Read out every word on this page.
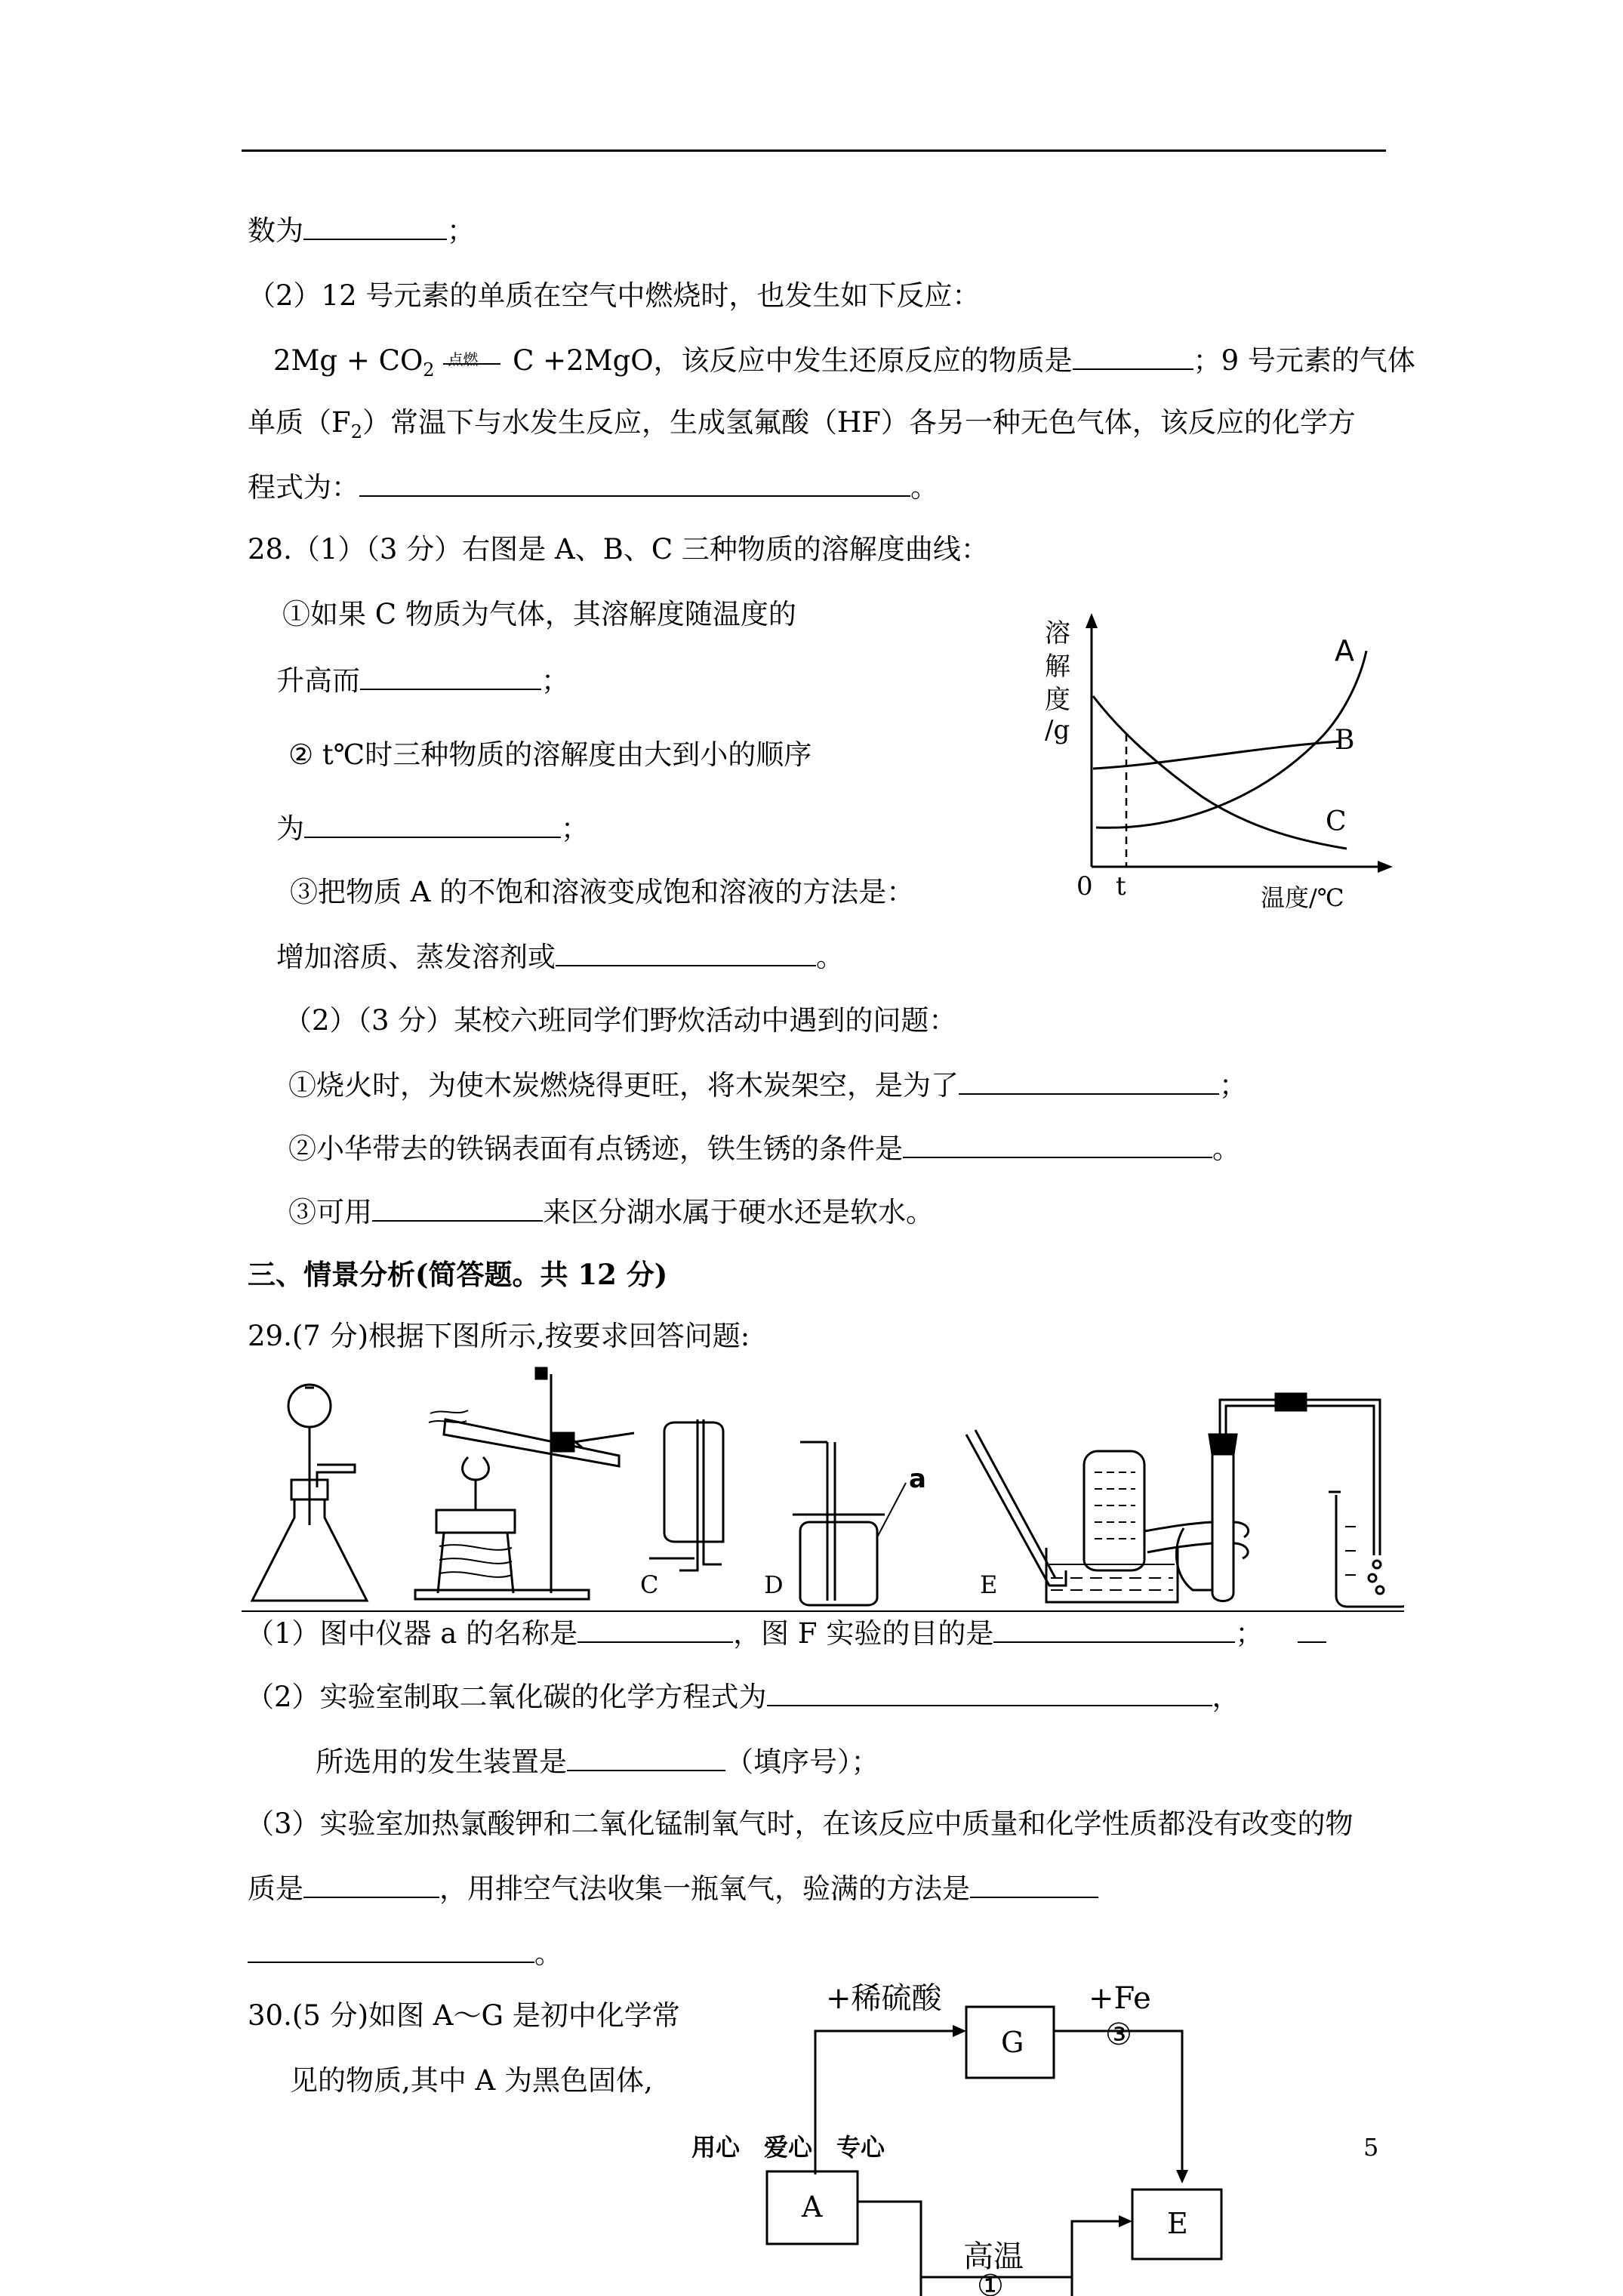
数为	；
（2）12 号元素的单质在空气中燃烧时，也发生如下反应：
$2Mg + CO_2$
点燃 C +2MgO，该反应中发生还原反应的物质是	；9 号元素的气体
单质$(F_2)$常温下与水发生反应，生成氢氟酸（HF）各另一种无色气体，该反应的化学方
程式为：	。
28.（1）（3 分）右图是 A、B、C 三种物质的溶解度曲线：
①如果 C 物质为气体，其溶解度随温度的
升高而	；
② t℃时三种物质的溶解度由大到小的顺序
为	；
③把物质 A 的不饱和溶液变成饱和溶液的方法是：
增加溶质、蒸发溶剂或	。
（2）（3 分）某校六班同学们野炊活动中遇到的问题：
①烧火时，为使木炭燃烧得更旺，将木炭架空，是为了	；
②小华带去的铁锅表面有点锈迹，铁生锈的条件是	。
③可用	来区分湖水属于硬水还是软水。
溶解度/g
A
B
C
0 t	温度/℃
三、情景分析(简答题。共 12 分)
29.(7 分)根据下图所示,按要求回答问题:
C
a
D	E
（1）图中仪器 a 的名称是	，图 F 实验的目的是	；
（2）实验室制取二氧化碳的化学方程式为	，
所选用的发生装置是	（填序号）；
（3）实验室加热氯酸钾和二氧化锰制氧气时，在该反应中质量和化学性质都没有改变的物
质是	，用排空气法收集一瓶氧气，验满的方法是
。
30.(5 分)如图 A～G 是初中化学常
见的物质,其中 A 为黑色固体,
+稀硫酸	+Fe
③
G
A	E
高温
①
用心　爱心　专心	5
